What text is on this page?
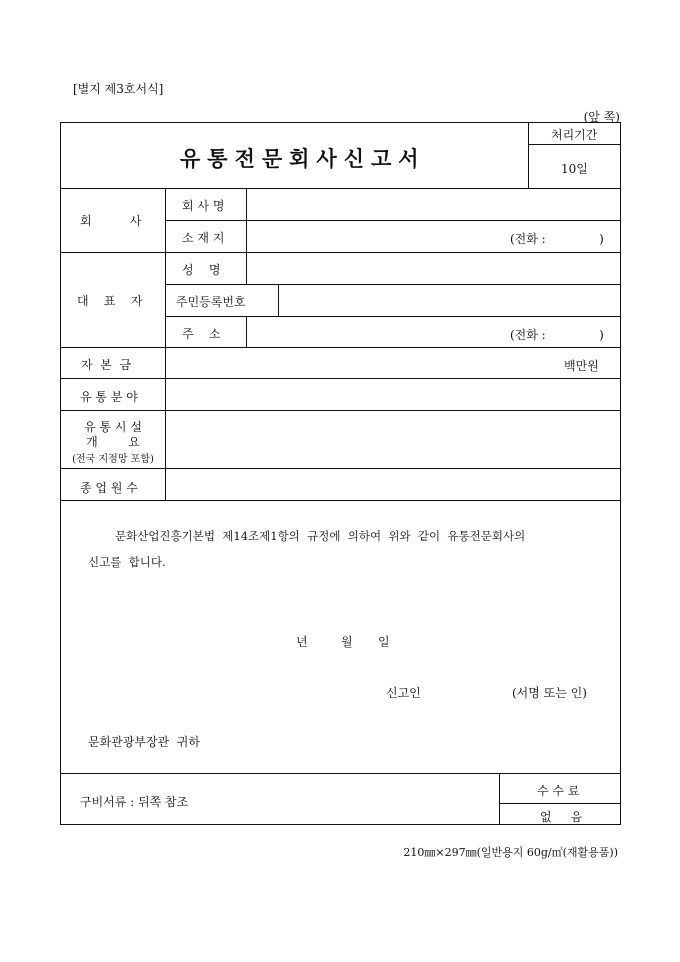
[별지 제3호서식]
(앞 쪽)
유통전문회사신고서
처리기간
10일
회          사
회 사 명
소 재 지	(전화 :              )
대    표    자
성    명
주민등록번호
주    소	(전화 :              )
자  본  금	백만원
유 통 분 야
유 통 시 설
개        요
(전국 지점망 포함)
종 업 원 수
문화산업진흥기본법  제14조제1항의  규정에  의하여  위와  같이  유통전문회사의
신고를  합니다.
년	월 일
신고인	(서명 또는 인)
문화관광부장관  귀하
구비서류 : 뒤쪽 참조
수 수 료
없     음
210㎜×297㎜(일반용지 60g/㎡(재활용품))
